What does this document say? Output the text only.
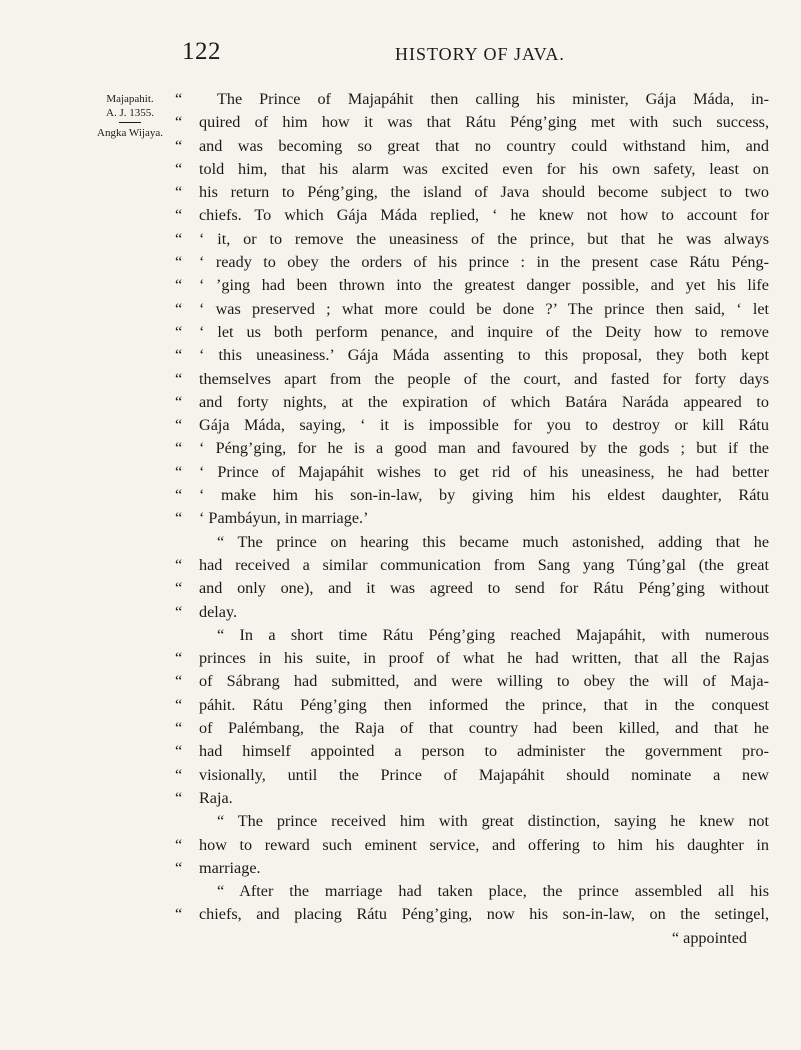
122	HISTORY OF JAVA.
Majapahit.
A. J. 1355.
Angka Wijaya.
“ The Prince of Majapáhit then calling his minister, Gája Máda, in-
“ quired of him how it was that Rátu Péng’ging met with such success,
“ and was becoming so great that no country could withstand him, and
“ told him, that his alarm was excited even for his own safety, least on
“ his return to Péng’ging, the island of Java should become subject to two
“ chiefs. To which Gája Máda replied, ‘ he knew not how to account for
“ ‘ it, or to remove the uneasiness of the prince, but that he was always
“ ‘ ready to obey the orders of his prince : in the present case Rátu Péng-
“ ‘ ’ging had been thrown into the greatest danger possible, and yet his life
“ ‘ was preserved ; what more could be done ?’ The prince then said, ‘ let
“ ‘ let us both perform penance, and inquire of the Deity how to remove
“ ‘ this uneasiness.’ Gája Máda assenting to this proposal, they both kept
“ themselves apart from the people of the court, and fasted for forty days
“ and forty nights, at the expiration of which Batára Naráda appeared to
“ Gája Máda, saying, ‘ it is impossible for you to destroy or kill Rátu
“ ‘ Péng’ging, for he is a good man and favoured by the gods ; but if the
“ ‘ Prince of Majapáhit wishes to get rid of his uneasiness, he had better
“ ‘ make him his son-in-law, by giving him his eldest daughter, Rátu
“ ‘ Pambáyun, in marriage.’
“ The prince on hearing this became much astonished, adding that he
“ had received a similar communication from Sang yang Túng’gal (the great
“ and only one), and it was agreed to send for Rátu Péng’ging without
“ delay.
“ In a short time Rátu Péng’ging reached Majapáhit, with numerous
“ princes in his suite, in proof of what he had written, that all the Rajas
“ of Sábrang had submitted, and were willing to obey the will of Maja-
“ páhit. Rátu Péng’ging then informed the prince, that in the conquest
“ of Palémbang, the Raja of that country had been killed, and that he
“ had himself appointed a person to administer the government pro-
“ visionally, until the Prince of Majapáhit should nominate a new
“ Raja.
“ The prince received him with great distinction, saying he knew not
“ how to reward such eminent service, and offering to him his daughter in
“ marriage.
“ After the marriage had taken place, the prince assembled all his
“ chiefs, and placing Rátu Péng’ging, now his son-in-law, on the setingel,
“ appointed
